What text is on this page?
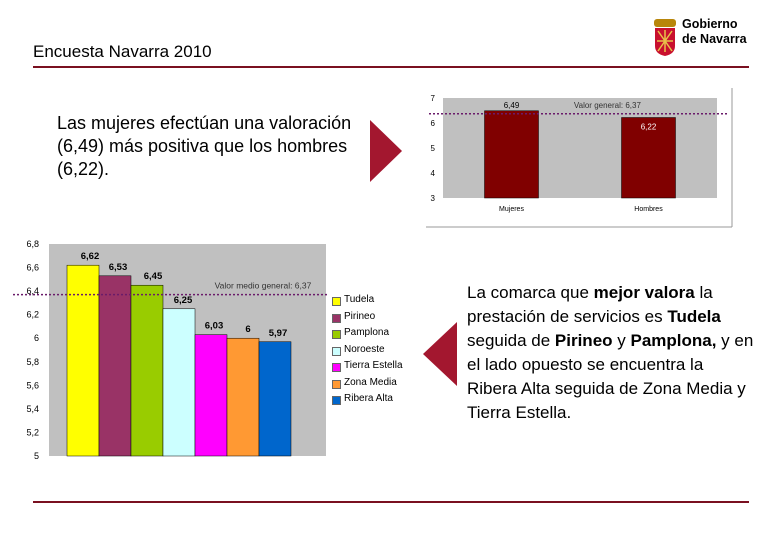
Encuesta Navarra 2010
Gobierno
de Navarra
Las mujeres efectúan una valoración (6,49) más positiva que los hombres (6,22).
3
4
5
6
7
6,49
Mujeres
6,22
Hombres
Valor general: 6,37
5
5,2
5,4
5,6
5,8
6
6,2
6,4
6,6
6,8
6,62
6,53
6,45
6,25
6,03 6 5,97
Valor medio general: 6,37
Tudela
Pirineo
Pamplona
Noroeste
Tierra Estella
Zona Media
Ribera Alta
La comarca que mejor valora la prestación de servicios es Tudela seguida de Pirineo y Pamplona, y en el lado opuesto se encuentra la Ribera Alta seguida de Zona Media y Tierra Estella.
